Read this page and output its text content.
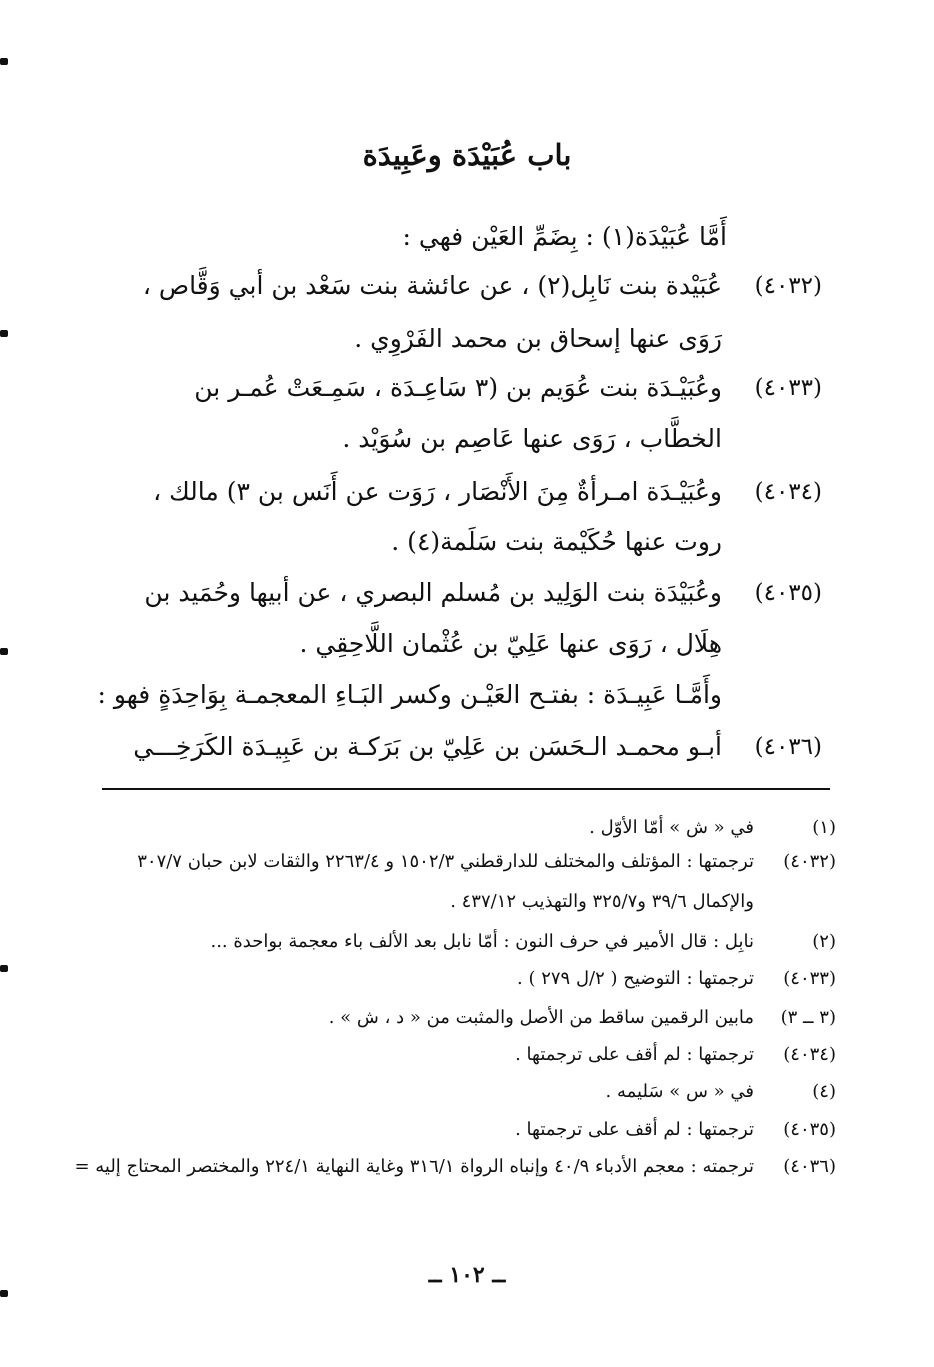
باب عُبَيْدَة وعَبِيدَة
أَمَّا عُبَيْدَة(١) : بِضَمِّ العَيْن فهي :
(٤٠٣٢)
عُبَيْدة بنت نَابِل(٢) ، عن عائشة بنت سَعْد بن أبي وَقَّاص ،
رَوَى عنها إسحاق بن محمد الفَرْوِي .
(٤٠٣٣)
وعُبَيْـدَة بنت عُوَيم بن (٣ سَاعِـدَة ، سَمِـعَتْ عُمـر بن
الخطَّاب ، رَوَى عنها عَاصِم بن سُوَيْد .
(٤٠٣٤)
وعُبَيْـدَة امـرأةٌ مِنَ الأَنْصَار ، رَوَت عن أَنَس بن ٣) مالك ،
روت عنها حُكَيْمة بنت سَلَمة(٤) .
(٤٠٣٥)
وعُبَيْدَة بنت الوَلِيد بن مُسلم البصري ، عن أبيها وحُمَيد بن
هِلَال ، رَوَى عنها عَلِيّ بن عُثْمان اللَّاحِقِي .
وأَمَّـا عَبِيـدَة : بفتـح العَيْـن وكسر البَـاءِ المعجمـة بِوَاحِدَةٍ فهو :
(٤٠٣٦)
أبـو محمـد الـحَسَن بن عَلِيّ بن بَرَكـة بن عَبِيـدَة الكَرَخِـــي
(١)
في « ش » أمّا الأوّل .
(٤٠٣٢)
ترجمتها : المؤتلف والمختلف للدارقطني ١٥٠٢/٣ و ٢٢٦٣/٤ والثقات لابن حبان ٣٠٧/٧
والإكمال ٣٩/٦ و٣٢٥/٧ والتهذيب ٤٣٧/١٢ .
(٢)
نابِل : قال الأمير في حرف النون : أمّا نابل بعد الألف باء معجمة بواحدة ...
(٤٠٣٣)
ترجمتها : التوضيح ( ٢/ل ٢٧٩ ) .
(٣ ــ ٣)
مابين الرقمين ساقط من الأصل والمثبت من « د ، ش » .
(٤٠٣٤)
ترجمتها : لم أقف على ترجمتها .
(٤)
في « س » سَليمه .
(٤٠٣٥)
ترجمتها : لم أقف على ترجمتها .
(٤٠٣٦)
ترجمته : معجم الأدباء ٤٠/٩ وإنباه الرواة ٣١٦/١ وغاية النهاية ٢٢٤/١ والمختصر المحتاج إليه =
ــ ١٠٢ ــ
